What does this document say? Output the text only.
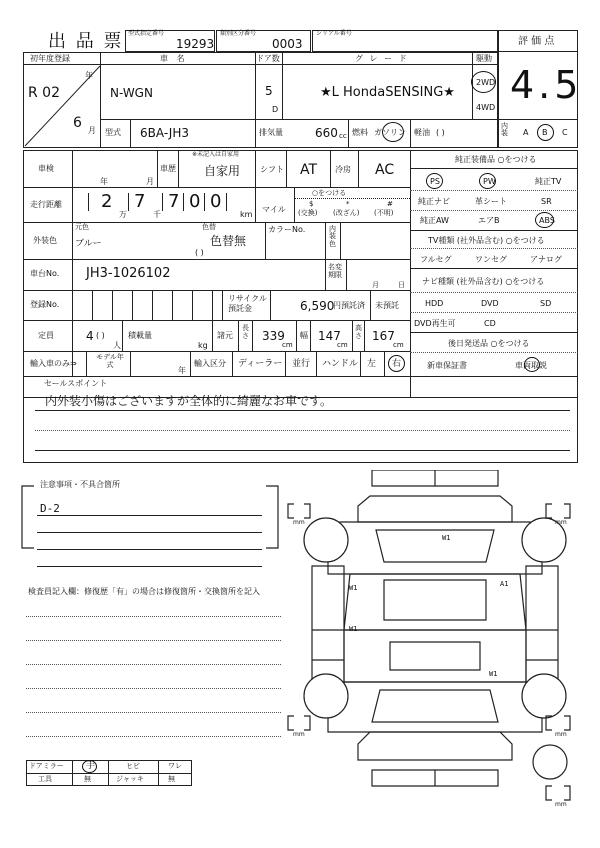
出 品 票 型式指定番号
19293
類別区分番号
0003
シリアル番号
評 価 点
4.5
初年度登録
年
R 02
6 月
車 名
N-WGN
ドア数
5
D
グ レ ー ド
★L HondaSENSING★
駆動
2WD
4WD
型式 6BA-JH3	排気量	660 cc 燃料 ガソリン 軽油 ( )
内装	A B C
車検
年	月
車歴
※未記入は自家用
自家用 シフト AT 冷房 AC
走行距離 2
万
7
千
7 0 0
km
マイル
○をつける
$
(交換)
*
(改ざん)
#
(不明)
外装色
元色
ブルー
色替
色替無
( )
カラーNo.	内装色
車台No. JH3-1026102	名変期限
月	日
登録No.
リサイクル預託金	6,590
円預託済 未預託
定員	4 ( )
人
積載量
kg
諸元
長さ 339
cm
幅 147
cm
高さ 167
cm
輸入車のみ⇒
モデル年式
年
輸入区分 ディーラー 並行 ハンドル 左 右
純正装備品 ○をつける
PS	PW	純正TV
純正ナビ	革シート	SR
純正AW	エアB	ABS
TV種類 (社外品含む) ○をつける
フルセグ	ワンセグ	アナログ
ナビ種類 (社外品含む) ○をつける
HDD	DVD	SD
DVD再生可	CD
後日発送品 ○をつける
新車保証書	車両取説
セールスポイント
内外装小傷はございますが全体的に綺麗なお車です。
注意事項・不具合箇所
D-2
検査員記入欄：修復歴「有」の場合は修復箇所・交換箇所を記入
ドアミラー 手	ヒビ	ワレ
工具	無	ジャッキ	無
mm	mm
mm	mm
mm
W1
W1	A1
W1
W1
